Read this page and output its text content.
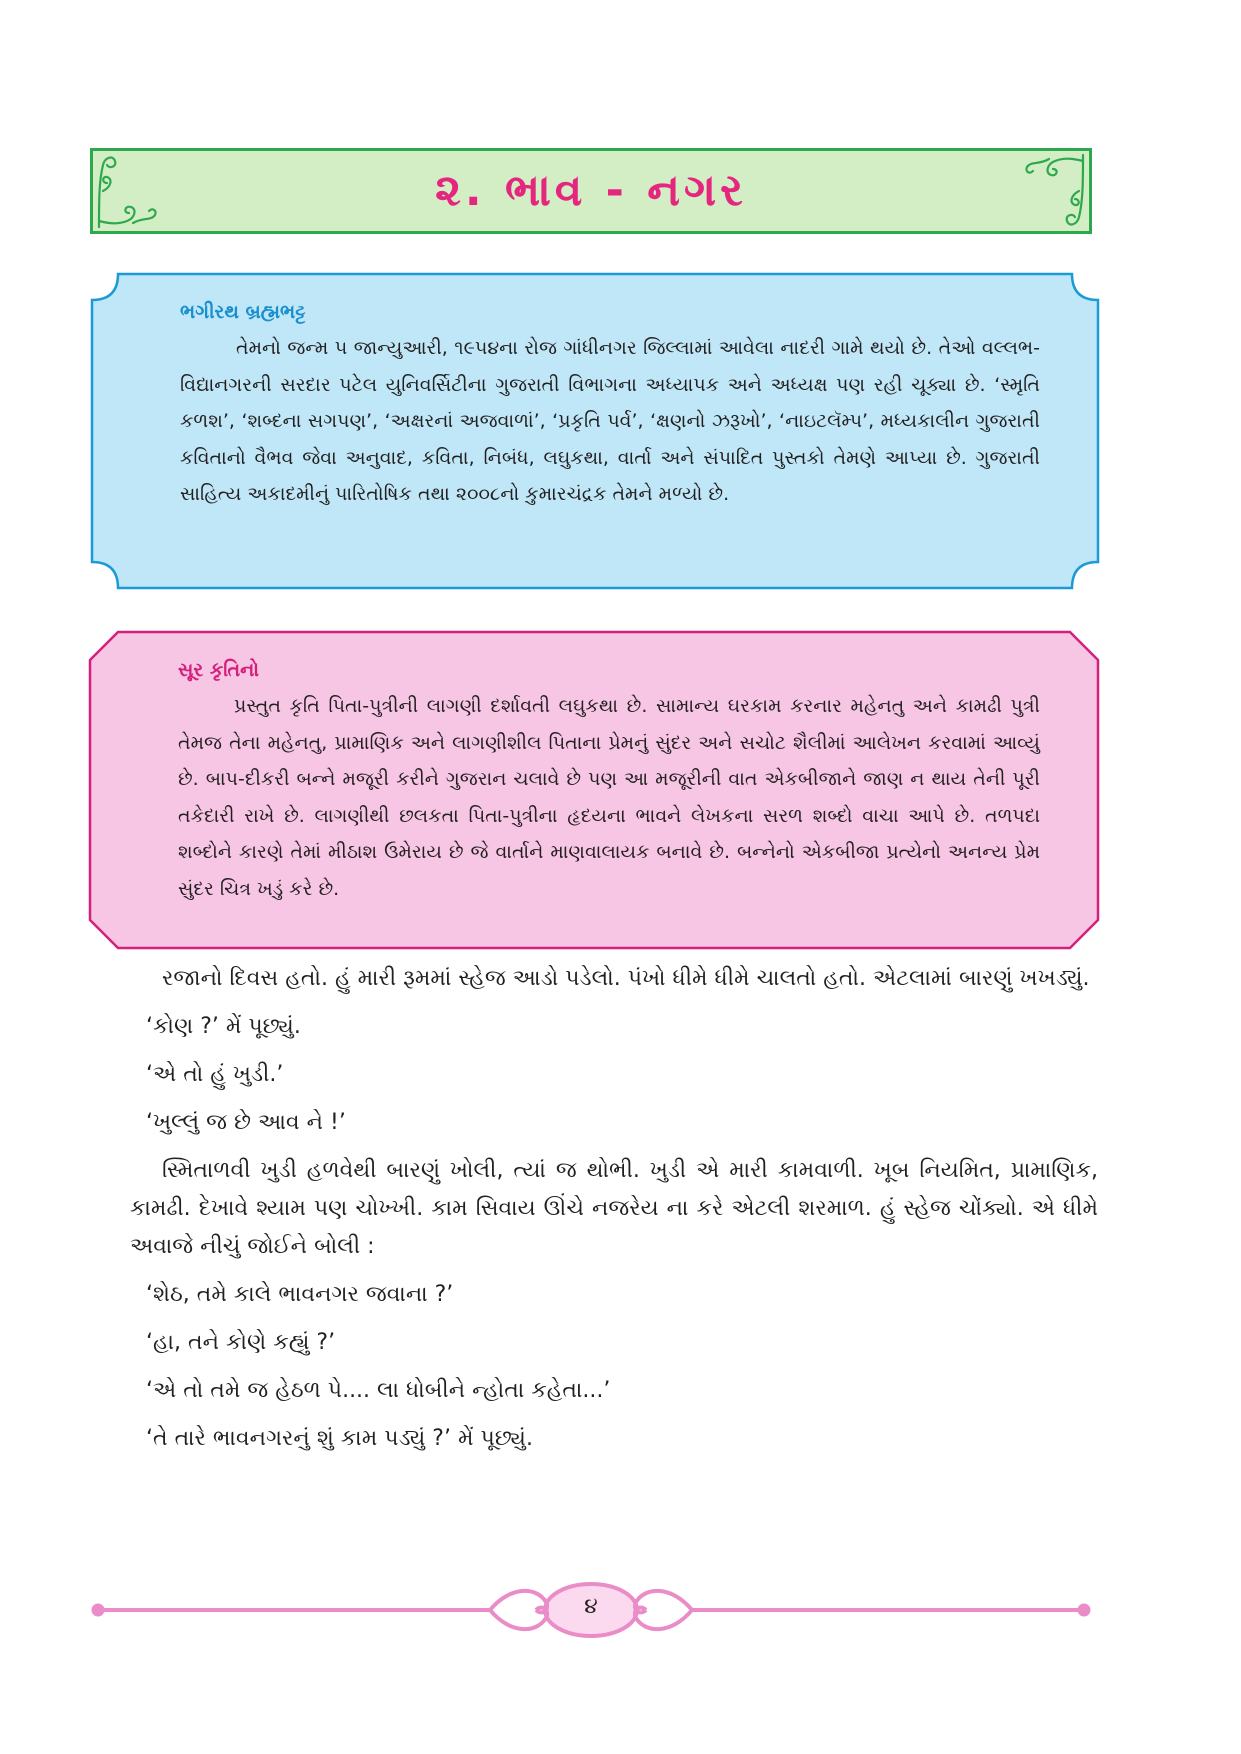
૨. ભાવ - નગર
ભગીરથ બ્રહ્મભટ્ટ

તેમનો જન્મ ૫ જાન્યુઆરી, ૧૯૫૪ના રોજ ગાંધીનગર જિલ્લામાં આવેલા નાદરી ગામે થયો છે. તેઓ વલ્લભ-વિદ્યાનગરની સરદાર પટેલ યુનિવર્સિટીના ગુજરાતી વિભાગના અધ્યાપક અને અધ્યક્ષ પણ રહી ચૂક્યા છે. ‘સ્મૃતિ કળશ’, ‘શબ્દના સગપણ’, ‘અક્ષરનાં અજવાળાં’, ‘પ્રકૃતિ પર્વ’, ‘ક્ષણનો ઝરૂખો’, ‘નાઇટલૅમ્પ’, મધ્યકાલીન ગુજરાતી કવિતાનો વૈભવ જેવા અનુવાદ, કવિતા, નિબંધ, લઘુકથા, વાર્તા અને સંપાદિત પુસ્તકો તેમણે આપ્યા છે. ગુજરાતી સાહિત્ય અકાદમીનું પારિતોષિક તથા ૨૦૦૮નો કુમારચંદ્રક તેમને મળ્યો છે.

સૂર કૃતિનો

પ્રસ્તુત કૃતિ પિતા-પુત્રીની લાગણી દર્શાવતી લઘુકથા છે. સામાન્ય ઘરકામ કરનાર મહેનતુ અને કામઢી પુત્રી તેમજ તેના મહેનતુ, પ્રામાણિક અને લાગણીશીલ પિતાના પ્રેમનું સુંદર અને સચોટ શૈલીમાં આલેખન કરવામાં આવ્યું છે. બાપ-દીકરી બન્ને મજૂરી કરીને ગુજરાન ચલાવે છે પણ આ મજૂરીની વાત એકબીજાને જાણ ન થાય તેની પૂરી તકેદારી રાખે છે. લાગણીથી છલકતા પિતા-પુત્રીના હૃદયના ભાવને લેખકના સરળ શબ્દો વાચા આપે છે. તળપદા શબ્દોને કારણે તેમાં મીઠાશ ઉમેરાય છે જે વાર્તાને માણવાલાયક બનાવે છે. બન્નેનો એકબીજા પ્રત્યેનો અનન્ય પ્રેમ સુંદર ચિત્ર ખડું કરે છે.

રજાનો દિવસ હતો. હું મારી રૂમમાં સ્હેજ આડો પડેલો. પંખો ધીમે ધીમે ચાલતો હતો. એટલામાં બારણું ખખડ્યું.

‘કોણ ?’ મેં પૂછ્યું.

‘એ તો હું ખુડી.’

‘ખુલ્લું જ છે આવ ને !’

સ્મિતાળવી ખુડી હળવેથી બારણું ખોલી, ત્યાં જ થોભી. ખુડી એ મારી કામવાળી. ખૂબ નિયમિત, પ્રામાણિક, કામઢી. દેખાવે શ્યામ પણ ચોખ્ખી. કામ સિવાય ઊંચે નજરેય ના કરે એટલી શરમાળ. હું સ્હેજ ચોંક્યો. એ ધીમે અવાજે નીચું જોઈને બોલી :

‘શેઠ, તમે કાલે ભાવનગર જવાના ?’

‘હા, તને કોણે કહ્યું ?’

‘એ તો તમે જ હેઠળ પે.... લા ધોબીને ન્હોતા કહેતા...’

‘તે તારે ભાવનગરનું શું કામ પડ્યું ?’ મેં પૂછ્યું.

૪
